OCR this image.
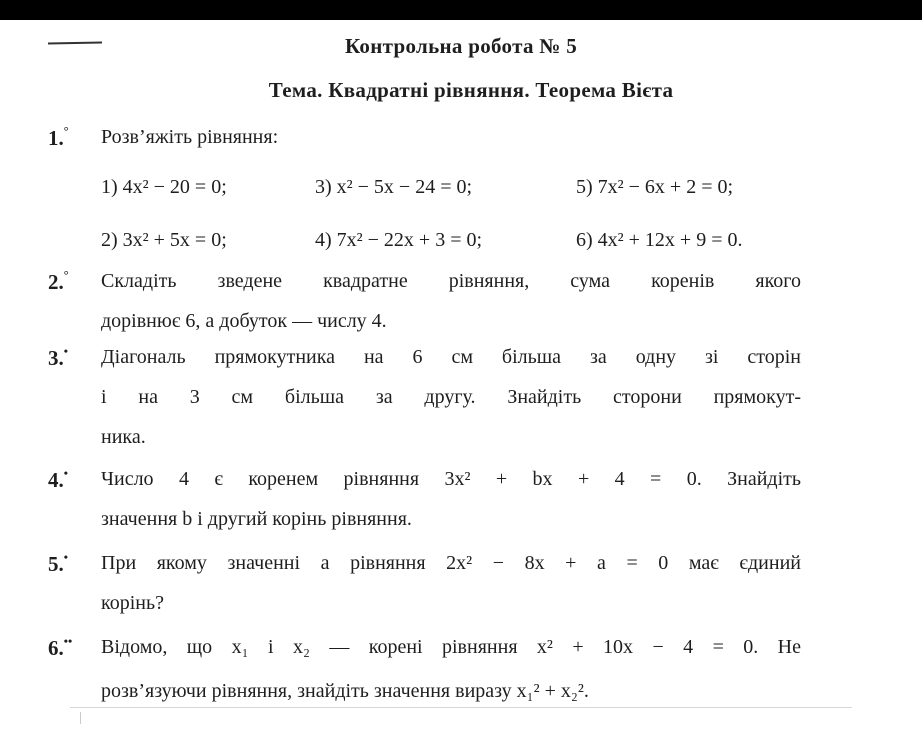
Контрольна робота № 5
Тема. Квадратні рівняння. Теорема Вієта
1.° Розв’яжіть рівняння:
1) 4x² − 20 = 0;	3) x² − 5x − 24 = 0;	5) 7x² − 6x + 2 = 0;
2) 3x² + 5x = 0;	4) 7x² − 22x + 3 = 0;	6) 4x² + 12x + 9 = 0.
2.° Складіть зведене квадратне рівняння, сума коренів якого
дорівнює 6, а добуток — числу 4.
3.• Діагональ прямокутника на 6 см більша за одну зі сторін
і на 3 см більша за другу. Знайдіть сторони прямокут-
ника.
4.• Число 4 є коренем рівняння 3x² + bx + 4 = 0. Знайдіть
значення b і другий корінь рівняння.
5.• При якому значенні a рівняння 2x² − 8x + a = 0 має єдиний
корінь?
6.•• Відомо, що x₁ і x₂ — корені рівняння x² + 10x − 4 = 0. Не
розв’язуючи рівняння, знайдіть значення виразу x₁² + x₂².
